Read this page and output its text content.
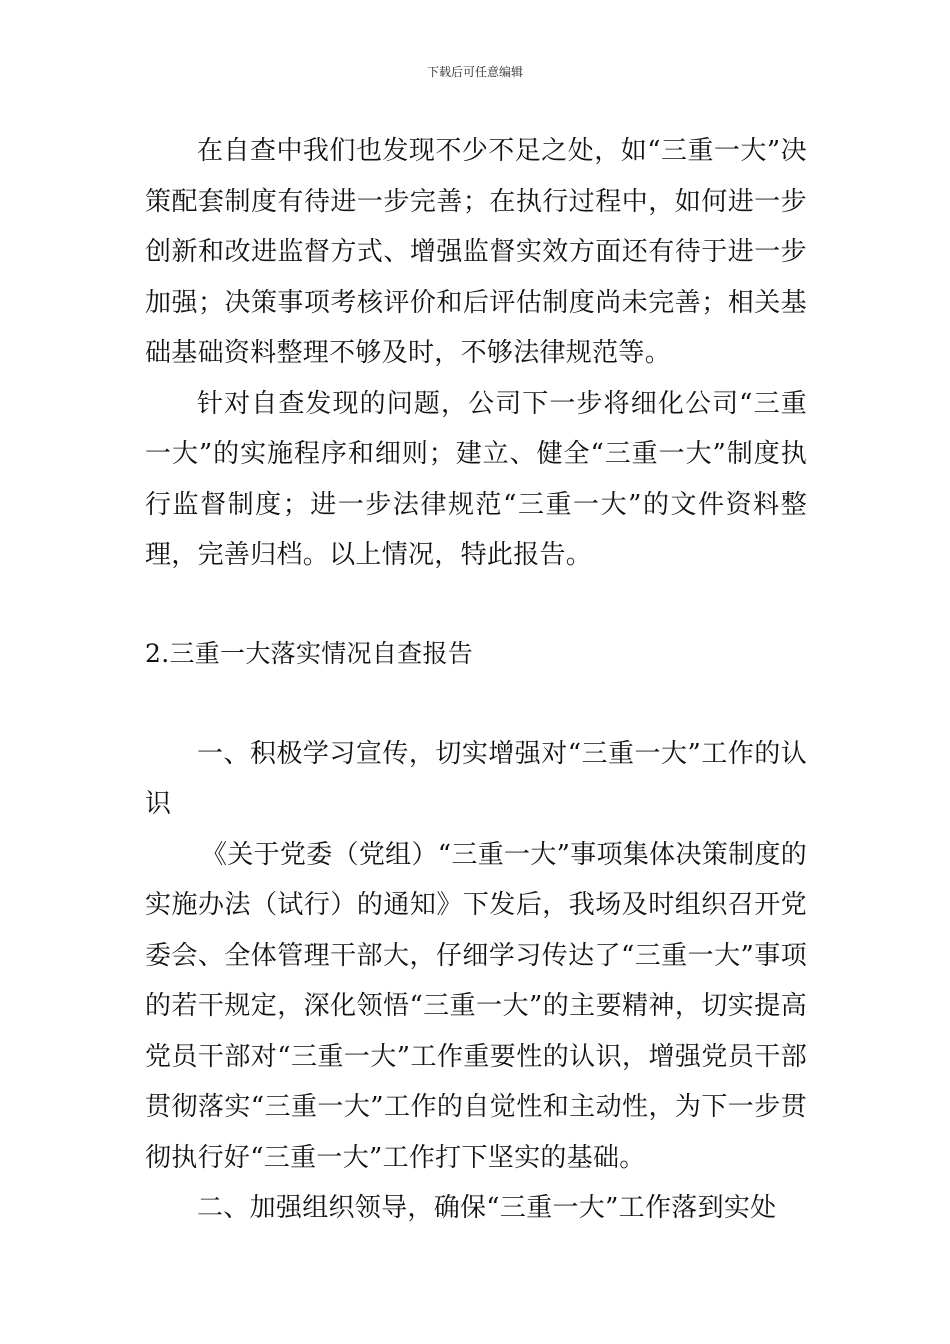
下载后可任意编辑

在自查中我们也发现不少不足之处，如“三重一大”决策配套制度有待进一步完善；在执行过程中，如何进一步创新和改进监督方式、增强监督实效方面还有待于进一步加强；决策事项考核评价和后评估制度尚未完善；相关基础基础资料整理不够及时，不够法律规范等。

针对自查发现的问题，公司下一步将细化公司“三重一大”的实施程序和细则；建立、健全“三重一大”制度执行监督制度；进一步法律规范“三重一大”的文件资料整理，完善归档。以上情况，特此报告。

2.三重一大落实情况自查报告

一、积极学习宣传，切实增强对“三重一大”工作的认识

《关于党委（党组）“三重一大”事项集体决策制度的实施办法（试行）的通知》下发后，我场及时组织召开党委会、全体管理干部大，仔细学习传达了“三重一大”事项的若干规定，深化领悟“三重一大”的主要精神，切实提高党员干部对“三重一大”工作重要性的认识，增强党员干部贯彻落实“三重一大”工作的自觉性和主动性，为下一步贯彻执行好“三重一大”工作打下坚实的基础。

二、加强组织领导，确保“三重一大”工作落到实处
